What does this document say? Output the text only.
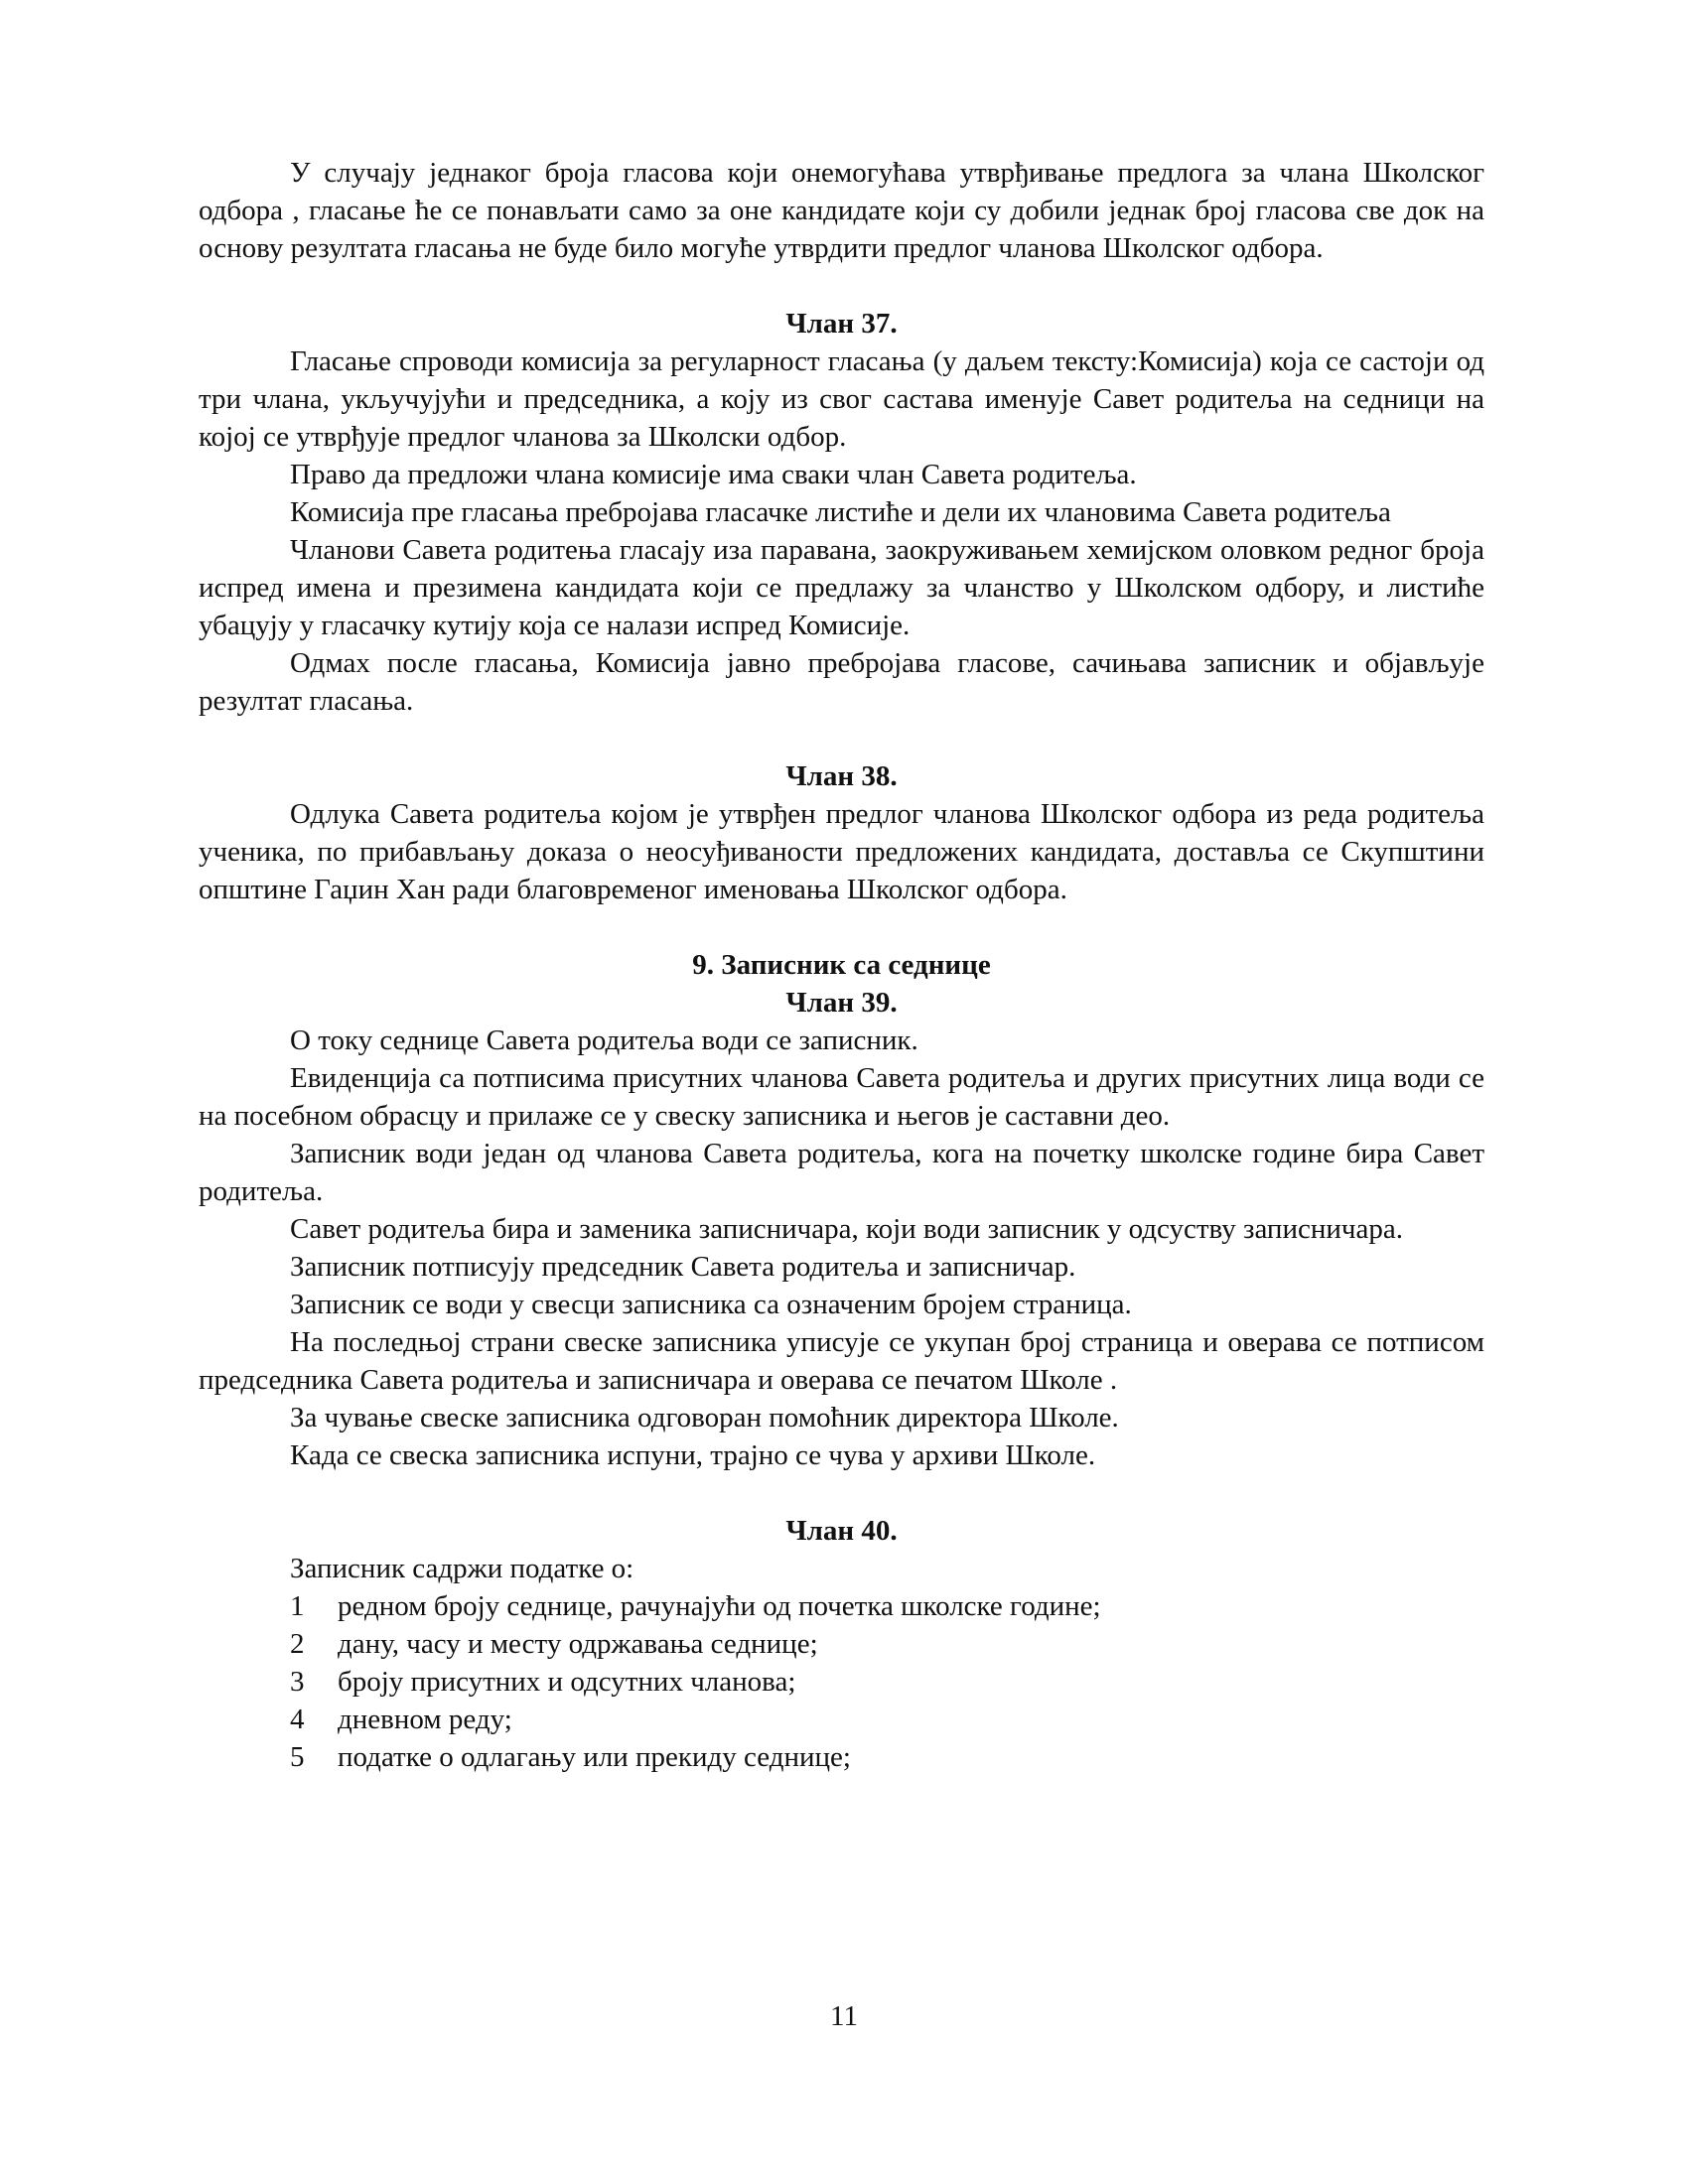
У случају једнаког броја гласова који онемогућава утврђивање предлога за члана Школског одбора , гласање ће се понављати само за оне кандидате који су добили једнак број гласова све док на основу резултата гласања не буде било могуће утврдити предлог чланова Школског одбора.

Члан 37.

Гласање спроводи комисија за регуларност гласања (у даљем тексту:Комисија) која се састоји од три члана, укључујући и председника, а коју из свог састава именује Савет родитеља на седници на којој се утврђује предлог чланова за Школски одбор.

Право да предложи члана комисије има сваки члан Савета родитеља.

Комисија пре гласања пребројава гласачке листиће и дели их члановима Савета родитеља

Чланови Савета родитења гласају иза паравана, заокруживањем хемијском оловком редног броја испред имена и презимена кандидата који се предлажу за чланство у Школском одбору, и листиће убацују у гласачку кутију која се налази испред Комисије.

Одмах после гласања, Комисија јавно пребројава гласове, сачињава записник и објављује резултат гласања.

Члан 38.

Одлука Савета родитеља којом је утврђен предлог чланова Школског одбора из реда родитеља ученика, по прибављању доказа о неосуђиваности предложених кандидата, доставља се Скупштини општине Гаџин Хан ради благовременог именовања Школског одбора.

9. Записник са седнице

Члан 39.

О току седнице Савета родитеља води се записник.

Евиденција са потписима присутних чланова Савета родитеља и других присутних лица води се на посебном обрасцу и прилаже се у свеску записника и његов је саставни део.

Записник води један од чланова Савета родитеља, кога на почетку школске године бира Савет родитеља.

Савет родитеља бира и заменика записничара, који води записник у одсуству записничара.

Записник потписују председник Савета родитеља и записничар.

Записник се води у свесци записника са означеним бројем страница.

На последњој страни свеске записника уписује се укупан број страница и оверава се потписом председника Савета родитеља и записничара и оверава се печатом Школе .

За чување свеске записника одговоран помоћник директора Школе.

Када се свеска записника испуни, трајно се чува у архиви Школе.

Члан 40.

Записник садржи податке о:

1 редном броју седнице, рачунајући од почетка школске године;
2 дану, часу и месту одржавања седнице;
3 броју присутних и одсутних чланова;
4 дневном реду;
5 податке о одлагању или прекиду седнице;
11
